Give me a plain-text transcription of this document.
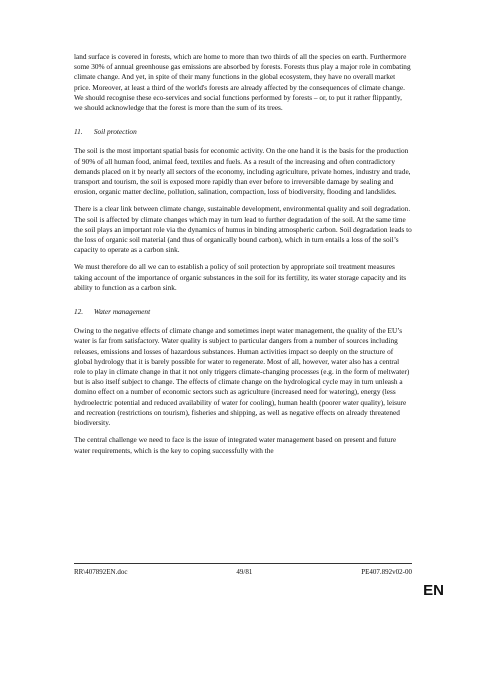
land surface is covered in forests, which are home to more than two thirds of all the species on earth. Furthermore some 30% of annual greenhouse gas emissions are absorbed by forests. Forests thus play a major role in combating climate change. And yet, in spite of their many functions in the global ecosystem, they have no overall market price. Moreover, at least a third of the world's forests are already affected by the consequences of climate change. We should recognise these eco-services and social functions performed by forests – or, to put it rather flippantly, we should acknowledge that the forest is more than the sum of its trees.

11. Soil protection

The soil is the most important spatial basis for economic activity. On the one hand it is the basis for the production of 90% of all human food, animal feed, textiles and fuels. As a result of the increasing and often contradictory demands placed on it by nearly all sectors of the economy, including agriculture, private homes, industry and trade, transport and tourism, the soil is exposed more rapidly than ever before to irreversible damage by sealing and erosion, organic matter decline, pollution, salination, compaction, loss of biodiversity, flooding and landslides.

There is a clear link between climate change, sustainable development, environmental quality and soil degradation. The soil is affected by climate changes which may in turn lead to further degradation of the soil. At the same time the soil plays an important role via the dynamics of humus in binding atmospheric carbon. Soil degradation leads to the loss of organic soil material (and thus of organically bound carbon), which in turn entails a loss of the soil’s capacity to operate as a carbon sink.

We must therefore do all we can to establish a policy of soil protection by appropriate soil treatment measures taking account of the importance of organic substances in the soil for its fertility, its water storage capacity and its ability to function as a carbon sink.

12. Water management

Owing to the negative effects of climate change and sometimes inept water management, the quality of the EU’s water is far from satisfactory. Water quality is subject to particular dangers from a number of sources including releases, emissions and losses of hazardous substances. Human activities impact so deeply on the structure of global hydrology that it is barely possible for water to regenerate. Most of all, however, water also has a central role to play in climate change in that it not only triggers climate-changing processes (e.g. in the form of meltwater) but is also itself subject to change. The effects of climate change on the hydrological cycle may in turn unleash a domino effect on a number of economic sectors such as agriculture (increased need for watering), energy (less hydroelectric potential and reduced availability of water for cooling), human health (poorer water quality), leisure and recreation (restrictions on tourism), fisheries and shipping, as well as negative effects on already threatened biodiversity.

The central challenge we need to face is the issue of integrated water management based on present and future water requirements, which is the key to coping successfully with the

RR\407892EN.doc	49/81	PE407.892v02-00
EN
